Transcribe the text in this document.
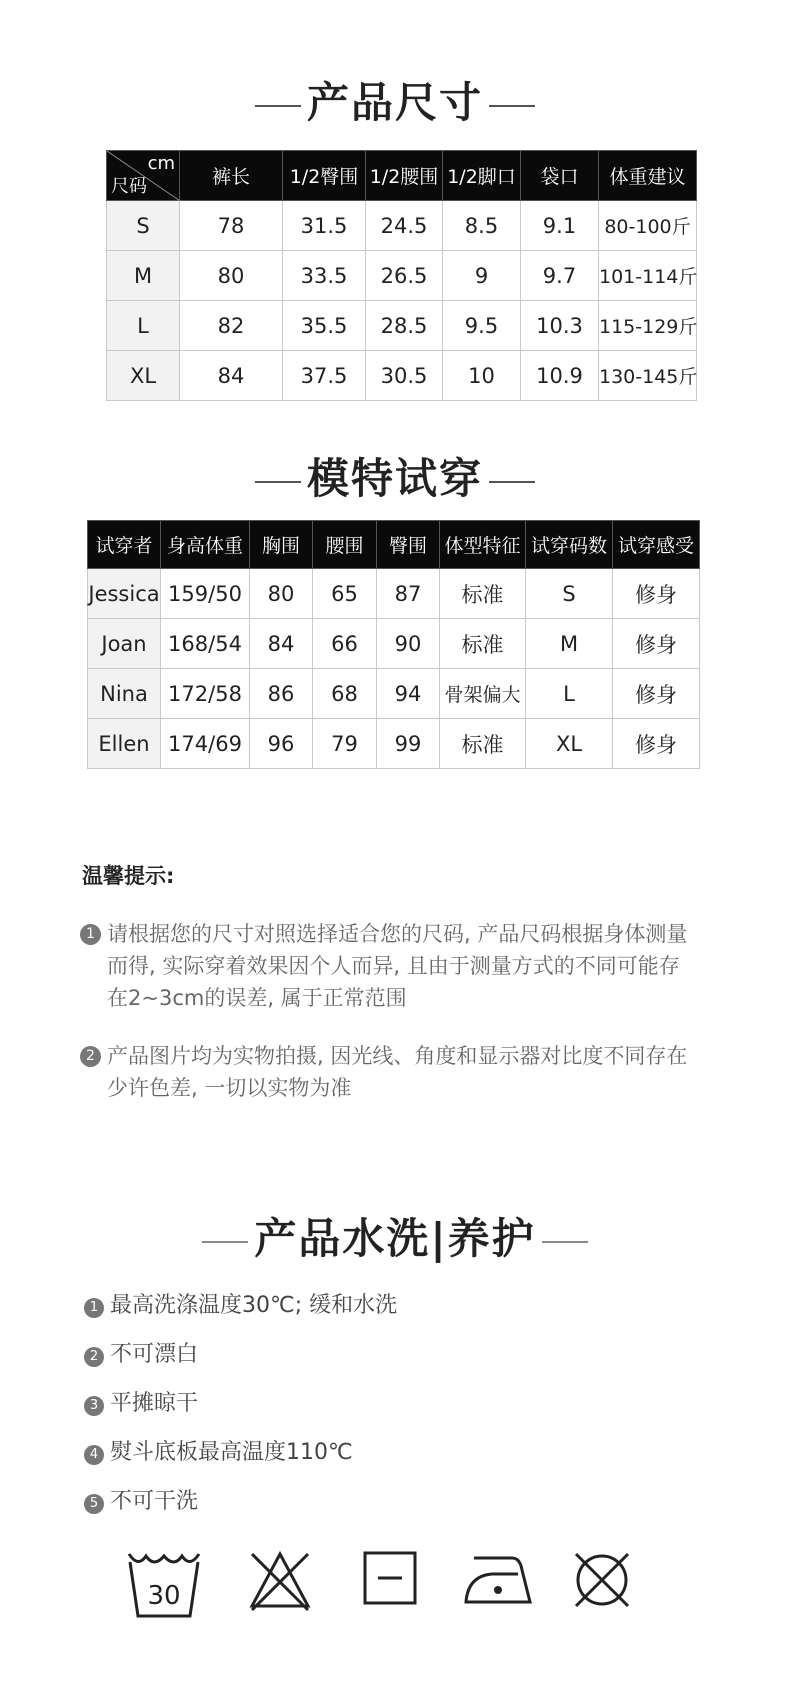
产品尺寸
cm
尺码	裤长	1/2臀围	1/2腰围	1/2脚口	袋口	体重建议
S	78	31.5	24.5	8.5	9.1	80-100斤
M	80	33.5	26.5	9	9.7	101-114斤
L	82	35.5	28.5	9.5	10.3	115-129斤
XL	84	37.5	30.5	10	10.9	130-145斤
模特试穿
试穿者	身高体重	胸围	腰围	臀围	体型特征	试穿码数	试穿感受
Jessica	159/50	80	65	87	标准	S	修身
Joan	168/54	84	66	90	标准	M	修身
Nina	172/58	86	68	94	骨架偏大	L	修身
Ellen	174/69	96	79	99	标准	XL	修身
温馨提示:
1 请根据您的尺寸对照选择适合您的尺码, 产品尺码根据身体测量而得, 实际穿着效果因个人而异, 且由于测量方式的不同可能存在2~3cm的误差, 属于正常范围
2 产品图片均为实物拍摄, 因光线、角度和显示器对比度不同存在少许色差, 一切以实物为准
产品水洗|养护
1 最高洗涤温度30℃; 缓和水洗
2 不可漂白
3 平摊晾干
4 熨斗底板最高温度110℃
5 不可干洗
30
